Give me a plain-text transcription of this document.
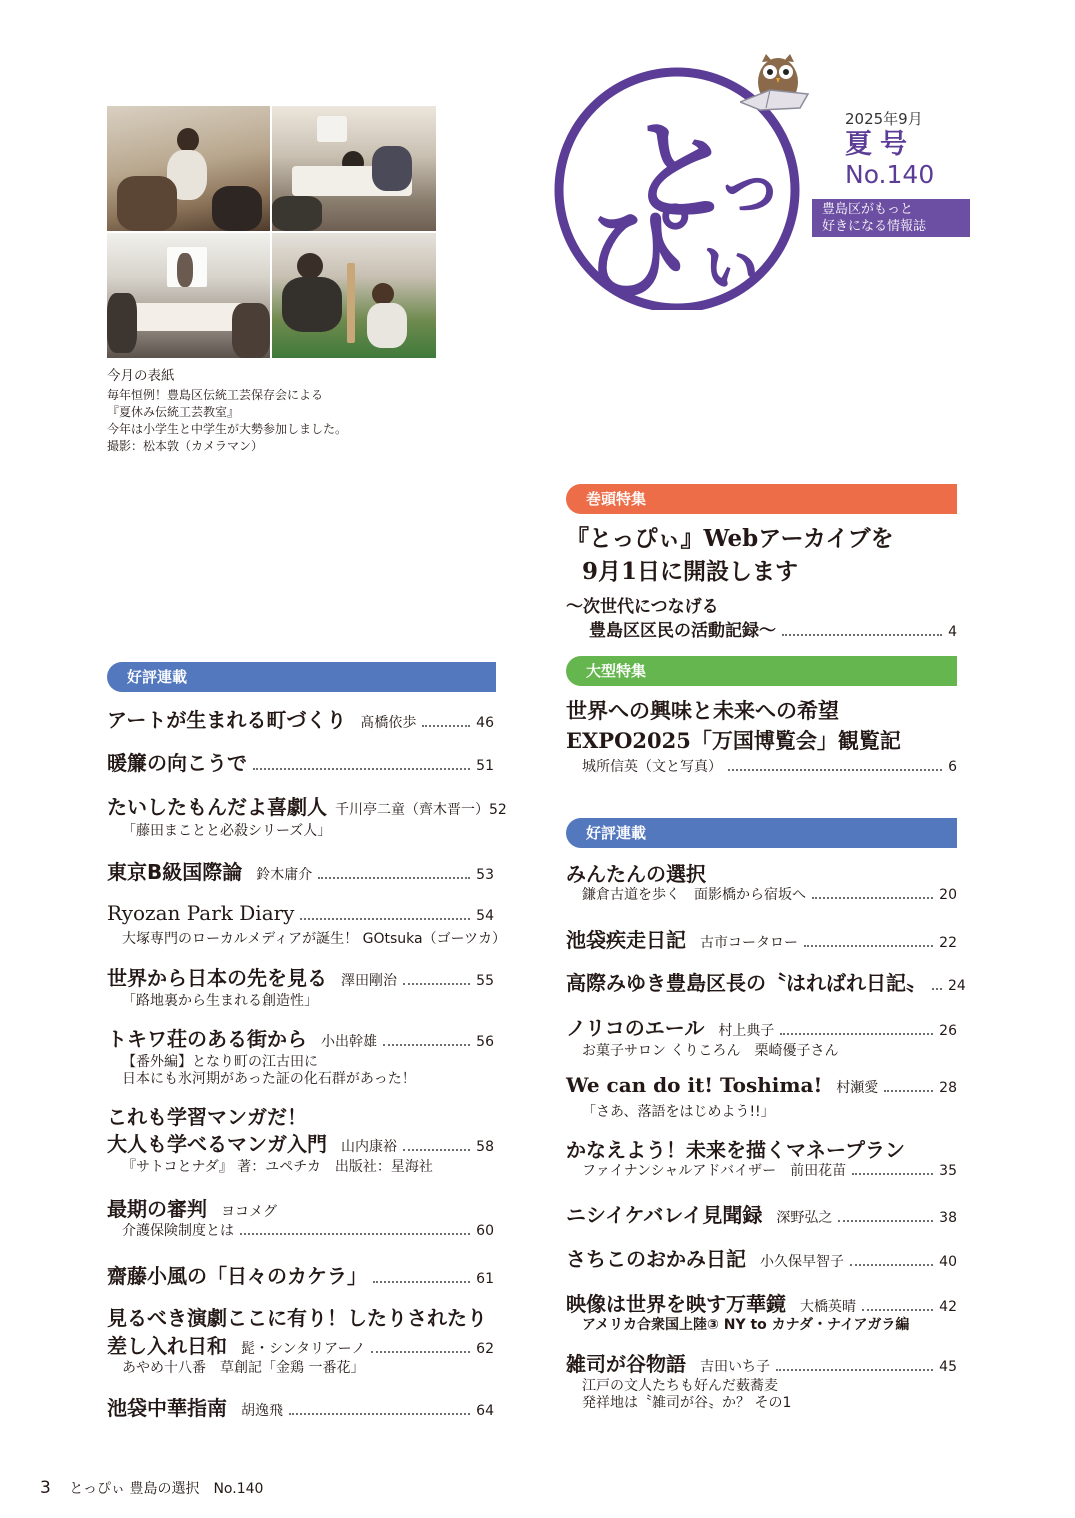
今月の表紙
毎年恒例！豊島区伝統工芸保存会による
『夏休み伝統工芸教室』
今年は小学生と中学生が大勢参加しました。
撮影：松本敦（カメラマン）
と
っ
ぴ ぃ
2025年9月
夏号
No.140
豊島区がもっと
好きになる情報誌
巻頭特集
『とっぴぃ』Webアーカイブを
9月1日に開設します
〜次世代につなげる
豊島区区民の活動記録〜	4
大型特集
世界への興味と未来への希望
EXPO2025「万国博覧会」観覧記
城所信英（文と写真）	6
好評連載
みんたんの選択
鎌倉古道を歩く　面影橋から宿坂へ	20
池袋疾走日記 古市コータロー	22
高際みゆき豊島区長の〝はればれ日記〟 24
ノリコのエール 村上典子	26
お菓子サロン くりころん　栗崎優子さん
We can do it! Toshima! 村瀬愛	28
「さあ、落語をはじめよう!!」
かなえよう！未来を描くマネープラン
ファイナンシャルアドバイザー　前田花苗	35
ニシイケバレイ見聞録 深野弘之	38
さちこのおかみ日記 小久保早智子	40
映像は世界を映す万華鏡 大橋英晴	42
アメリカ合衆国上陸③ NY to カナダ・ナイアガラ編
雑司が谷物語 吉田いち子	45
江戸の文人たちも好んだ薮蕎麦
発祥地は〝雑司が谷〟か？ その1
好評連載
アートが生まれる町づくり 髙橋依歩	46
暖簾の向こうで	51
たいしたもんだよ喜劇人 千川亭二童（齊木晋一） 52
「藤田まことと必殺シリーズ人」
東京B級国際論 鈴木庸介	53
Ryozan Park Diary	54
大塚専門のローカルメディアが誕生！ GOtsuka（ゴーツカ）
世界から日本の先を見る 澤田剛治	55
「路地裏から生まれる創造性」
トキワ荘のある街から 小出幹雄	56
【番外編】となり町の江古田に
日本にも氷河期があった証の化石群があった！
これも学習マンガだ！
大人も学べるマンガ入門 山内康裕	58
『サトコとナダ』 著：ユペチカ　出版社：星海社
最期の審判 ヨコメグ
介護保険制度とは	60
齋藤小風の「日々のカケラ」	61
見るべき演劇ここに有り！したりされたり
差し入れ日和 髭・シンタリアーノ	62
あやめ十八番　草創記「金鶏 一番花」
池袋中華指南 胡逸飛	64
3 とっぴぃ 豊島の選択　No.140
